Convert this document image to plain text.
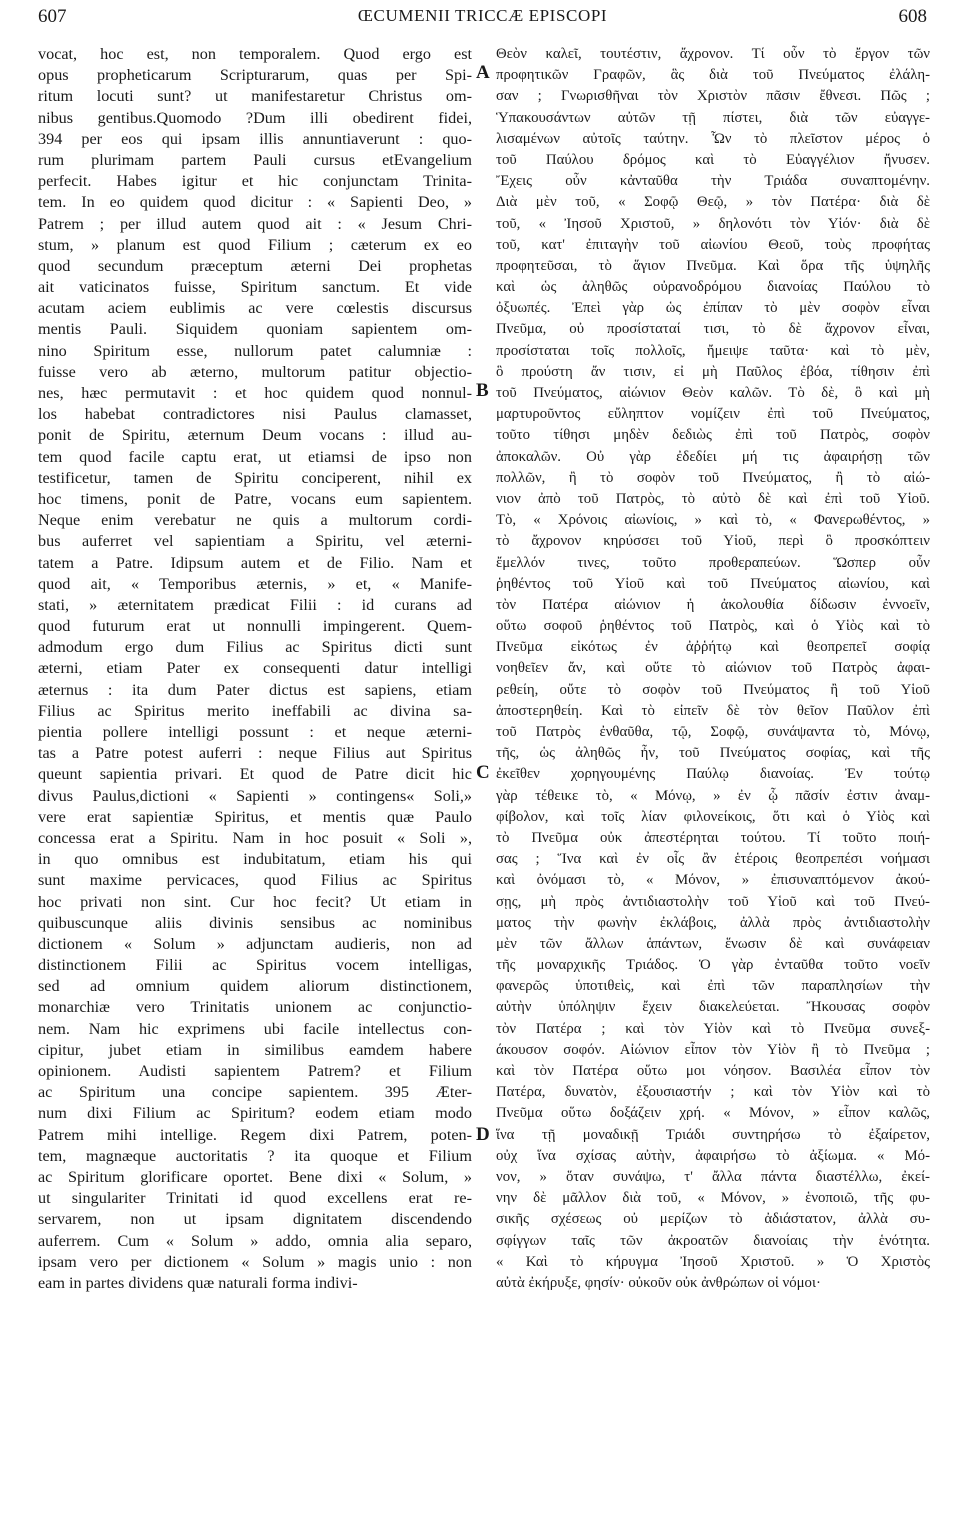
607	ŒCUMENII TRICCÆ EPISCOPI	608
vocat, hoc est, non temporalem. Quod ergo est
opus propheticarum Scripturarum, quas per Spi-
ritum locuti sunt? ut manifestaretur Christus om-
nibus gentibus.Quomodo ?Dum illi obedirent fidei,
394 per eos qui ipsam illis annuntiaverunt : quo-
rum plurimam partem Pauli cursus etEvangelium
perfecit. Habes igitur et hic conjunctam Trinita-
tem. In eo quidem quod dicitur : « Sapienti Deo, »
Patrem ; per illud autem quod ait : « Jesum Chri-
stum, » planum est quod Filium ; cæterum ex eo
quod secundum præceptum æterni Dei prophetas
ait vaticinatos fuisse, Spiritum sanctum. Et vide
acutam aciem eublimis ac vere cœlestis discursus
mentis Pauli. Siquidem quoniam sapientem om-
nino Spiritum esse, nullorum patet calumniæ :
fuisse vero ab æterno, multorum patitur objectio-
nes, hæc permutavit : et hoc quidem quod nonnul-
los habebat contradictores nisi Paulus clamasset,
ponit de Spiritu, æternum Deum vocans : illud au-
tem quod facile captu erat, ut etiamsi de ipso non
testificetur, tamen de Spiritu conciperent, nihil ex
hoc timens, ponit de Patre, vocans eum sapientem.
Neque enim verebatur ne quis a multorum cordi-
bus auferret vel sapientiam a Spiritu, vel æterni-
tatem a Patre. Idipsum autem et de Filio. Nam et
quod ait, « Temporibus æternis, » et, « Manife-
stati, » æternitatem prædicat Filii : id curans ad
quod futurum erat ut nonnulli impingerent. Quem-
admodum ergo dum Filius ac Spiritus dicti sunt
æterni, etiam Pater ex consequenti datur intelligi
æternus : ita dum Pater dictus est sapiens, etiam
Filius ac Spiritus merito ineffabili ac divina sa-
pientia pollere intelligi possunt : et neque æterni-
tas a Patre potest auferri : neque Filius aut Spiritus
queunt sapientia privari. Et quod de Patre dicit hic
divus Paulus,dictioni « Sapienti » contingens« Soli,»
vere erat sapientiæ Spiritus, et mentis quæ Paulo
concessa erat a Spiritu. Nam in hoc posuit « Soli »,
in quo omnibus est indubitatum, etiam his qui
sunt maxime pervicaces, quod Filius ac Spiritus
hoc privati non sint. Cur hoc fecit? Ut etiam in
quibuscunque aliis divinis sensibus ac nominibus
dictionem « Solum » adjunctam audieris, non ad
distinctionem Filii ac Spiritus vocem intelligas,
sed ad omnium quidem aliorum distinctionem,
monarchiæ vero Trinitatis unionem ac conjunctio-
nem. Nam hic exprimens ubi facile intellectus con-
cipitur, jubet etiam in similibus eamdem habere
opinionem. Audisti sapientem Patrem? et Filium
ac Spiritum una concipe sapientem. 395 Æter-
num dixi Filium ac Spiritum? eodem etiam modo
Patrem mihi intellige. Regem dixi Patrem, poten-
tem, magnæque auctoritatis ? ita quoque et Filium
ac Spiritum glorificare oportet. Bene dixi « Solum, »
ut singulariter Trinitati id quod excellens erat re-
servarem, non ut ipsam dignitatem discendendo
auferrem. Cum « Solum » addo, omnia alia separo,
ipsam vero per dictionem « Solum » magis unio : non
eam in partes dividens quæ naturali forma indivi-
Θεὸν καλεῖ, τουτέστιν, ἄχρονον. Τί οὖν τὸ ἔργον τῶν
προφητικῶν Γραφῶν, ἃς διὰ τοῦ Πνεύματος ἐλάλη-
σαν ; Γνωρισθῆναι τὸν Χριστὸν πᾶσιν ἔθνεσι. Πῶς ;
Ὑπακουσάντων αὐτῶν τῇ πίστει, διὰ τῶν εὐαγγε-
λισαμένων αὐτοῖς ταύτην. Ὧν τὸ πλεῖστον μέρος ὁ
τοῦ Παύλου δρόμος καὶ τὸ Εὐαγγέλιον ἤνυσεν.
Ἔχεις οὖν κἀνταῦθα τὴν Τριάδα συναπτομένην.
Διὰ μὲν τοῦ, « Σοφῷ Θεῷ, » τὸν Πατέρα· διὰ δὲ
τοῦ, « Ἰησοῦ Χριστοῦ, » δηλονότι τὸν Υἱόν· διὰ δὲ
τοῦ, κατ' ἐπιταγὴν τοῦ αἰωνίου Θεοῦ, τοὺς προφήτας
προφητεῦσαι, τὸ ἅγιον Πνεῦμα. Καὶ ὅρα τῆς ὑψηλῆς
καὶ ὡς ἀληθῶς οὐρανοδρόμου διανοίας Παύλου τὸ
ὀξυωπές. Ἐπεὶ γὰρ ὡς ἐπίπαν τὸ μὲν σοφὸν εἶναι
Πνεῦμα, οὐ προσίσταταί τισι, τὸ δὲ ἄχρονον εἶναι,
προσίσταται τοῖς πολλοῖς, ἤμειψε ταῦτα· καὶ τὸ μὲν,
ὃ προύστη ἄν τισιν, εἰ μὴ Παῦλος ἐβόα, τίθησιν ἐπὶ
τοῦ Πνεύματος, αἰώνιον Θεὸν καλῶν. Τὸ δὲ, ὃ καὶ μὴ
μαρτυροῦντος εὔληπτον νομίζειν ἐπὶ τοῦ Πνεύματος,
τοῦτο τίθησι μηδὲν δεδιὼς ἐπὶ τοῦ Πατρὸς, σοφὸν
ἀποκαλῶν. Οὐ γὰρ ἐδεδίει μή τις ἀφαιρήσῃ τῶν
πολλῶν, ἢ τὸ σοφὸν τοῦ Πνεύματος, ἢ τὸ αἰώ-
νιον ἀπὸ τοῦ Πατρὸς, τὸ αὐτὸ δὲ καὶ ἐπὶ τοῦ Υἱοῦ.
Τὸ, « Χρόνοις αἰωνίοις, » καὶ τὸ, « Φανερωθέντος, »
τὸ ἄχρονον κηρύσσει τοῦ Υἱοῦ, περὶ ὃ προσκόπτειν
ἔμελλόν τινες, τοῦτο προθεραπεύων. Ὥσπερ οὖν
ῥηθέντος τοῦ Υἱοῦ καὶ τοῦ Πνεύματος αἰωνίου, καὶ
τὸν Πατέρα αἰώνιον ἡ ἀκολουθία δίδωσιν ἐννοεῖν,
οὕτω σοφοῦ ῥηθέντος τοῦ Πατρὸς, καὶ ὁ Υἱὸς καὶ τὸ
Πνεῦμα εἰκότως ἐν ἀῤῥήτῳ καὶ θεοπρεπεῖ σοφίᾳ
νοηθεῖεν ἄν, καὶ οὔτε τὸ αἰώνιον τοῦ Πατρὸς ἀφαι-
ρεθείη, οὔτε τὸ σοφὸν τοῦ Πνεύματος ἢ τοῦ Υἱοῦ
ἀποστερηθείη. Καὶ τὸ εἰπεῖν δὲ τὸν θεῖον Παῦλον ἐπὶ
τοῦ Πατρὸς ἐνθαῦθα, τῷ, Σοφῷ, συνάψαντα τὸ, Μόνῳ,
τῆς, ὡς ἀληθῶς ἦν, τοῦ Πνεύματος σοφίας, καὶ τῆς
ἐκεῖθεν χορηγουμένης Παύλῳ διανοίας. Ἐν τούτῳ
γὰρ τέθεικε τὸ, « Μόνῳ, » ἐν ᾧ πᾶσίν ἐστιν ἀναμ-
φίβολον, καὶ τοῖς λίαν φιλονείκοις, ὅτι καὶ ὁ Υἱὸς καὶ
τὸ Πνεῦμα οὐκ ἀπεστέρηται τούτου. Τί τοῦτο ποιή-
σας ; Ἵνα καὶ ἐν οἷς ἂν ἑτέροις θεοπρεπέσι νοήμασι
καὶ ὀνόμασι τὸ, « Μόνον, » ἐπισυναπτόμενον ἀκού-
σῃς, μὴ πρὸς ἀντιδιαστολὴν τοῦ Υἱοῦ καὶ τοῦ Πνεύ-
ματος τὴν φωνὴν ἐκλάβοις, ἀλλὰ πρὸς ἀντιδιαστολὴν
μὲν τῶν ἄλλων ἁπάντων, ἕνωσιν δὲ καὶ συνάφειαν
τῆς μοναρχικῆς Τριάδος. Ὁ γὰρ ἐνταῦθα τοῦτο νοεῖν
φανερῶς ὑποτιθεὶς, καὶ ἐπὶ τῶν παραπλησίων τὴν
αὐτὴν ὑπόληψιν ἔχειν διακελεύεται. Ἤκουσας σοφὸν
τὸν Πατέρα ; καὶ τὸν Υἱὸν καὶ τὸ Πνεῦμα συνεξ-
άκουσον σοφόν. Αἰώνιον εἶπον τὸν Υἱὸν ἢ τὸ Πνεῦμα ;
καὶ τὸν Πατέρα οὕτω μοι νόησον. Βασιλέα εἶπον τὸν
Πατέρα, δυνατὸν, ἐξουσιαστήν ; καὶ τὸν Υἱὸν καὶ τὸ
Πνεῦμα οὕτω δοξάζειν χρή. « Μόνον, » εἶπον καλῶς,
ἵνα τῇ μοναδικῇ Τριάδι συντηρήσω τὸ ἐξαίρετον,
οὐχ ἵνα σχίσας αὐτὴν, ἀφαιρήσω τὸ ἀξίωμα. « Μό-
νον, » ὅταν συνάψω, τ' ἄλλα πάντα διαστέλλω, ἐκεί-
νην δὲ μᾶλλον διὰ τοῦ, « Μόνον, » ἑνοποιῶ, τῆς φυ-
σικῆς σχέσεως οὐ μερίζων τὸ ἀδιάστατον, ἀλλὰ συ-
σφίγγων ταῖς τῶν ἀκροατῶν διανοίαις τὴν ἑνότητα.
« Καὶ τὸ κήρυγμα Ἰησοῦ Χριστοῦ. » Ὁ Χριστὸς
αὐτὰ ἐκήρυξε, φησίν· οὐκοῦν οὐκ ἀνθρώπων οἱ νόμοι·
A
B
C
D
